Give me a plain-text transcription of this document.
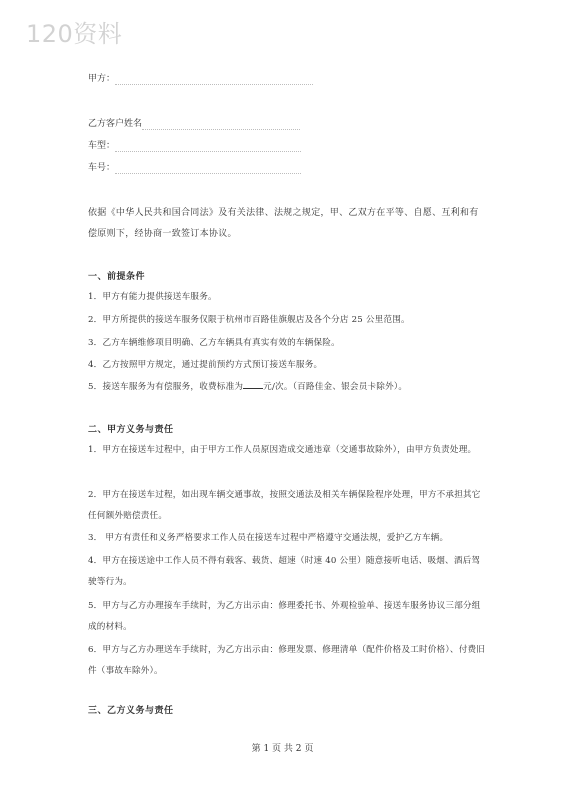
120资料
甲方：
乙方客户姓名
车型：
车号：
依据《中华人民共和国合同法》及有关法律、法规之规定，甲、乙双方在平等、自愿、互利和有偿原则下，经协商一致签订本协议。
一、前提条件
1．甲方有能力提供接送车服务。
2．甲方所提供的接送车服务仅限于杭州市百路佳旗舰店及各个分店 25 公里范围。
3．乙方车辆维修项目明确、乙方车辆具有真实有效的车辆保险。
4．乙方按照甲方规定，通过提前预约方式预订接送车服务。
5．接送车服务为有偿服务，收费标准为 元/次。（百路佳金、银会员卡除外）。
二、甲方义务与责任
1．甲方在接送车过程中，由于甲方工作人员原因造成交通违章（交通事故除外），由甲方负责处理。
2．甲方在接送车过程，如出现车辆交通事故，按照交通法及相关车辆保险程序处理，甲方不承担其它任何额外赔偿责任。
3． 甲方有责任和义务严格要求工作人员在接送车过程中严格遵守交通法规，爱护乙方车辆。
4．甲方在接送途中工作人员不得有载客、载货、超速（时速 40 公里）随意接听电话、吸烟、酒后驾驶等行为。
5．甲方与乙方办理接车手续时，为乙方出示由：修理委托书、外观检验单、接送车服务协议三部分组成的材料。
6．甲方与乙方办理送车手续时，为乙方出示由：修理发票、修理清单（配件价格及工时价格）、付费旧件（事故车除外）。
三、乙方义务与责任
第 1 页 共 2 页
